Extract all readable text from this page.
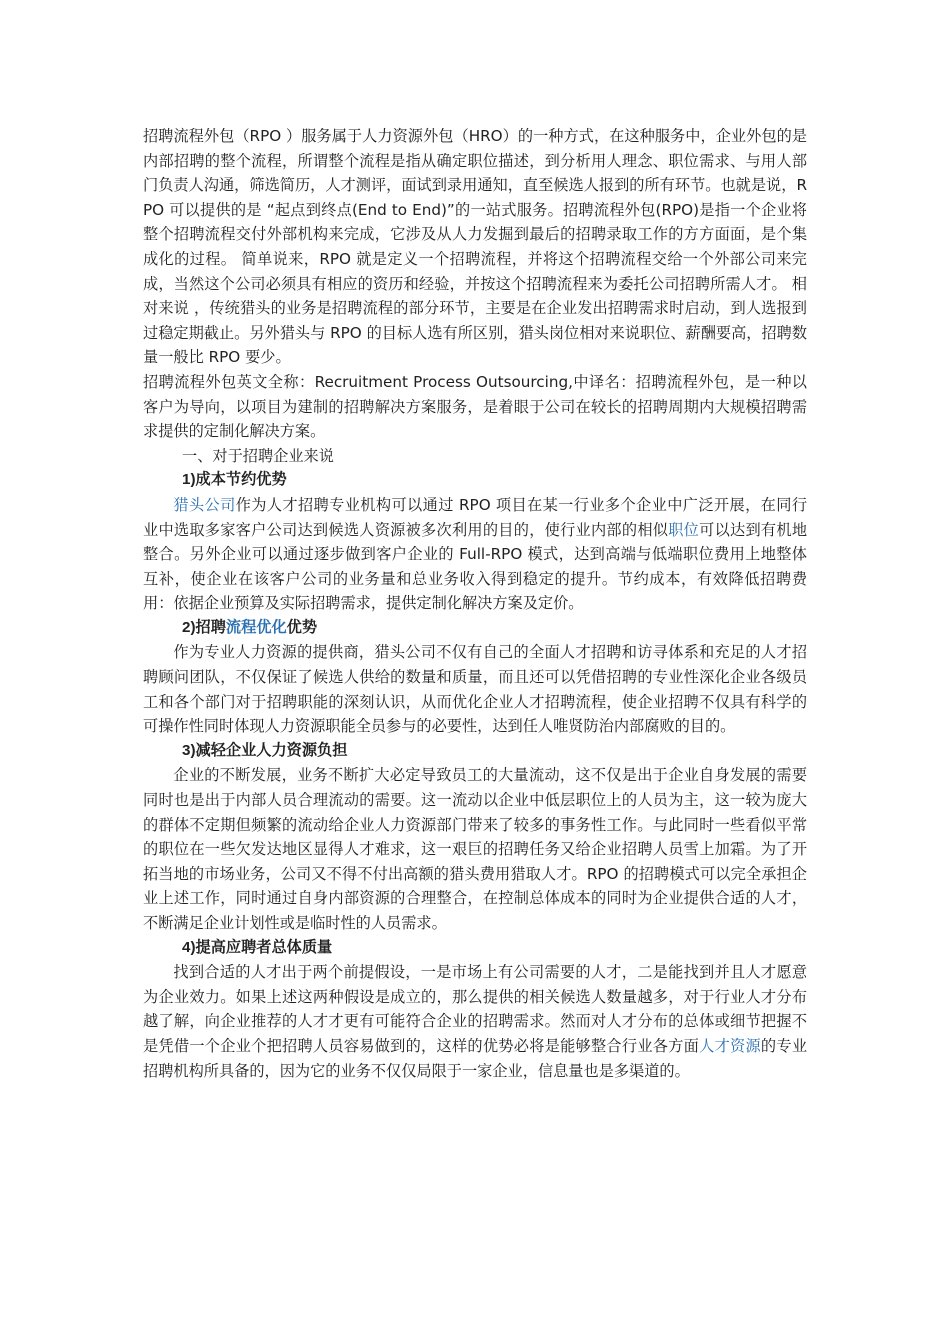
招聘流程外包（RPO ）服务属于人力资源外包（HRO）的一种方式，在这种服务中，企业外包的是内部招聘的整个流程，所谓整个流程是指从确定职位描述，到分析用人理念、职位需求、与用人部门负责人沟通，筛选简历，人才测评，面试到录用通知，直至候选人报到的所有环节。也就是说，RPO 可以提供的是 “起点到终点(End to End)”的一站式服务。招聘流程外包(RPO)是指一个企业将整个招聘流程交付外部机构来完成，它涉及从人力发掘到最后的招聘录取工作的方方面面，是个集成化的过程。 简单说来，RPO 就是定义一个招聘流程，并将这个招聘流程交给一个外部公司来完成，当然这个公司必须具有相应的资历和经验，并按这个招聘流程来为委托公司招聘所需人才。 相对来说 ，传统猎头的业务是招聘流程的部分环节，主要是在企业发出招聘需求时启动，到人选报到过稳定期截止。另外猎头与 RPO 的目标人选有所区别，猎头岗位相对来说职位、薪酬要高，招聘数量一般比 RPO 要少。

招聘流程外包英文全称：Recruitment Process Outsourcing,中译名：招聘流程外包，是一种以客户为导向，以项目为建制的招聘解决方案服务，是着眼于公司在较长的招聘周期内大规模招聘需求提供的定制化解决方案。

一、对于招聘企业来说

1)成本节约优势

猎头公司作为人才招聘专业机构可以通过 RPO 项目在某一行业多个企业中广泛开展，在同行业中选取多家客户公司达到候选人资源被多次利用的目的，使行业内部的相似职位可以达到有机地整合。另外企业可以通过逐步做到客户企业的 Full-RPO 模式，达到高端与低端职位费用上地整体互补，使企业在该客户公司的业务量和总业务收入得到稳定的提升。节约成本，有效降低招聘费用：依据企业预算及实际招聘需求，提供定制化解决方案及定价。

2)招聘流程优化优势

作为专业人力资源的提供商，猎头公司不仅有自己的全面人才招聘和访寻体系和充足的人才招聘顾问团队，不仅保证了候选人供给的数量和质量，而且还可以凭借招聘的专业性深化企业各级员工和各个部门对于招聘职能的深刻认识，从而优化企业人才招聘流程，使企业招聘不仅具有科学的可操作性同时体现人力资源职能全员参与的必要性，达到任人唯贤防治内部腐败的目的。

3)减轻企业人力资源负担

企业的不断发展，业务不断扩大必定导致员工的大量流动，这不仅是出于企业自身发展的需要同时也是出于内部人员合理流动的需要。这一流动以企业中低层职位上的人员为主，这一较为庞大的群体不定期但频繁的流动给企业人力资源部门带来了较多的事务性工作。与此同时一些看似平常的职位在一些欠发达地区显得人才难求，这一艰巨的招聘任务又给企业招聘人员雪上加霜。为了开拓当地的市场业务，公司又不得不付出高额的猎头费用猎取人才。RPO 的招聘模式可以完全承担企业上述工作，同时通过自身内部资源的合理整合，在控制总体成本的同时为企业提供合适的人才，不断满足企业计划性或是临时性的人员需求。

4)提高应聘者总体质量

找到合适的人才出于两个前提假设，一是市场上有公司需要的人才，二是能找到并且人才愿意为企业效力。如果上述这两种假设是成立的，那么提供的相关候选人数量越多，对于行业人才分布越了解，向企业推荐的人才才更有可能符合企业的招聘需求。然而对人才分布的总体或细节把握不是凭借一个企业个把招聘人员容易做到的，这样的优势必将是能够整合行业各方面人才资源的专业招聘机构所具备的，因为它的业务不仅仅局限于一家企业，信息量也是多渠道的。
